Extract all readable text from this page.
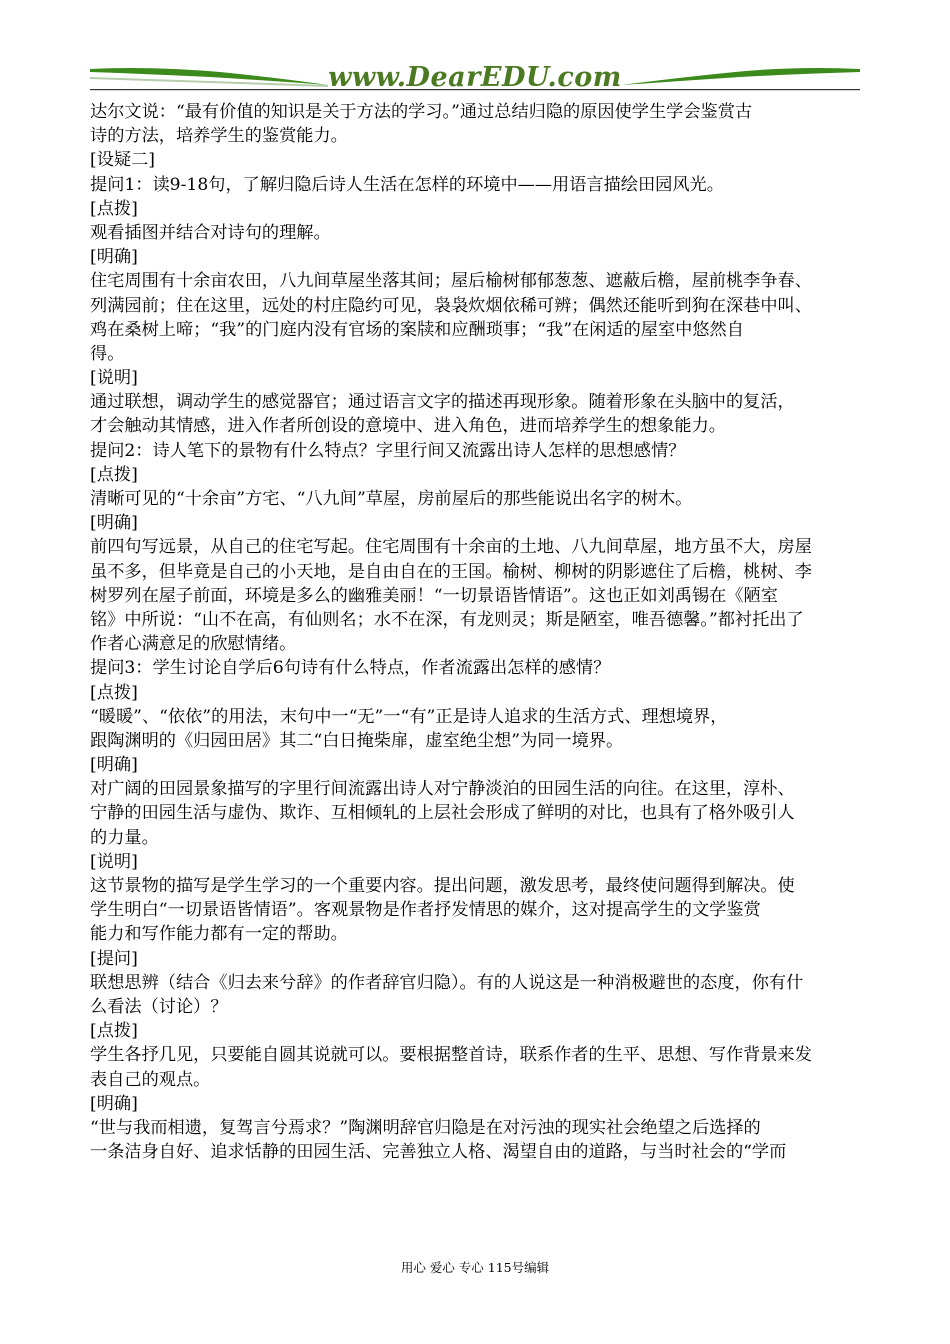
www.DearEDU.com
达尔文说：“最有价值的知识是关于方法的学习。”通过总结归隐的原因使学生学会鉴赏古
诗的方法，培养学生的鉴赏能力。
[设疑二]
提问1：读9-18句，了解归隐后诗人生活在怎样的环境中——用语言描绘田园风光。
[点拨]
观看插图并结合对诗句的理解。
[明确]
住宅周围有十余亩农田，八九间草屋坐落其间；屋后榆树郁郁葱葱、遮蔽后檐，屋前桃李争春、
列满园前；住在这里，远处的村庄隐约可见，袅袅炊烟依稀可辨；偶然还能听到狗在深巷中叫、
鸡在桑树上啼；“我”的门庭内没有官场的案牍和应酬琐事；“我”在闲适的屋室中悠然自
得。
[说明]
通过联想，调动学生的感觉器官；通过语言文字的描述再现形象。随着形象在头脑中的复活，
才会触动其情感，进入作者所创设的意境中、进入角色，进而培养学生的想象能力。
提问2：诗人笔下的景物有什么特点？字里行间又流露出诗人怎样的思想感情？
[点拨]
清晰可见的“十余亩”方宅、“八九间”草屋，房前屋后的那些能说出名字的树木。
[明确]
前四句写远景，从自己的住宅写起。住宅周围有十余亩的土地、八九间草屋，地方虽不大，房屋
虽不多，但毕竟是自己的小天地，是自由自在的王国。榆树、柳树的阴影遮住了后檐，桃树、李
树罗列在屋子前面，环境是多么的幽雅美丽！“一切景语皆情语”。这也正如刘禹锡在《陋室
铭》中所说：“山不在高，有仙则名；水不在深，有龙则灵；斯是陋室，唯吾德馨。”都衬托出了
作者心满意足的欣慰情绪。
提问3：学生讨论自学后6句诗有什么特点，作者流露出怎样的感情？
[点拨]
“暖暖”、“依依”的用法，末句中一“无”一“有”正是诗人追求的生活方式、理想境界，
跟陶渊明的《归园田居》其二“白日掩柴扉，虚室绝尘想”为同一境界。
[明确]
对广阔的田园景象描写的字里行间流露出诗人对宁静淡泊的田园生活的向往。在这里，淳朴、
宁静的田园生活与虚伪、欺诈、互相倾轧的上层社会形成了鲜明的对比，也具有了格外吸引人
的力量。
[说明]
这节景物的描写是学生学习的一个重要内容。提出问题，激发思考，最终使问题得到解决。使
学生明白“一切景语皆情语”。客观景物是作者抒发情思的媒介，这对提高学生的文学鉴赏
能力和写作能力都有一定的帮助。
[提问]
联想思辨（结合《归去来兮辞》的作者辞官归隐）。有的人说这是一种消极避世的态度，你有什
么看法（讨论）？
[点拨]
学生各抒几见，只要能自圆其说就可以。要根据整首诗，联系作者的生平、思想、写作背景来发
表自己的观点。
[明确]
“世与我而相遗，复驾言兮焉求？”陶渊明辞官归隐是在对污浊的现实社会绝望之后选择的
一条洁身自好、追求恬静的田园生活、完善独立人格、渴望自由的道路，与当时社会的“学而
用心 爱心 专心 115号编辑
